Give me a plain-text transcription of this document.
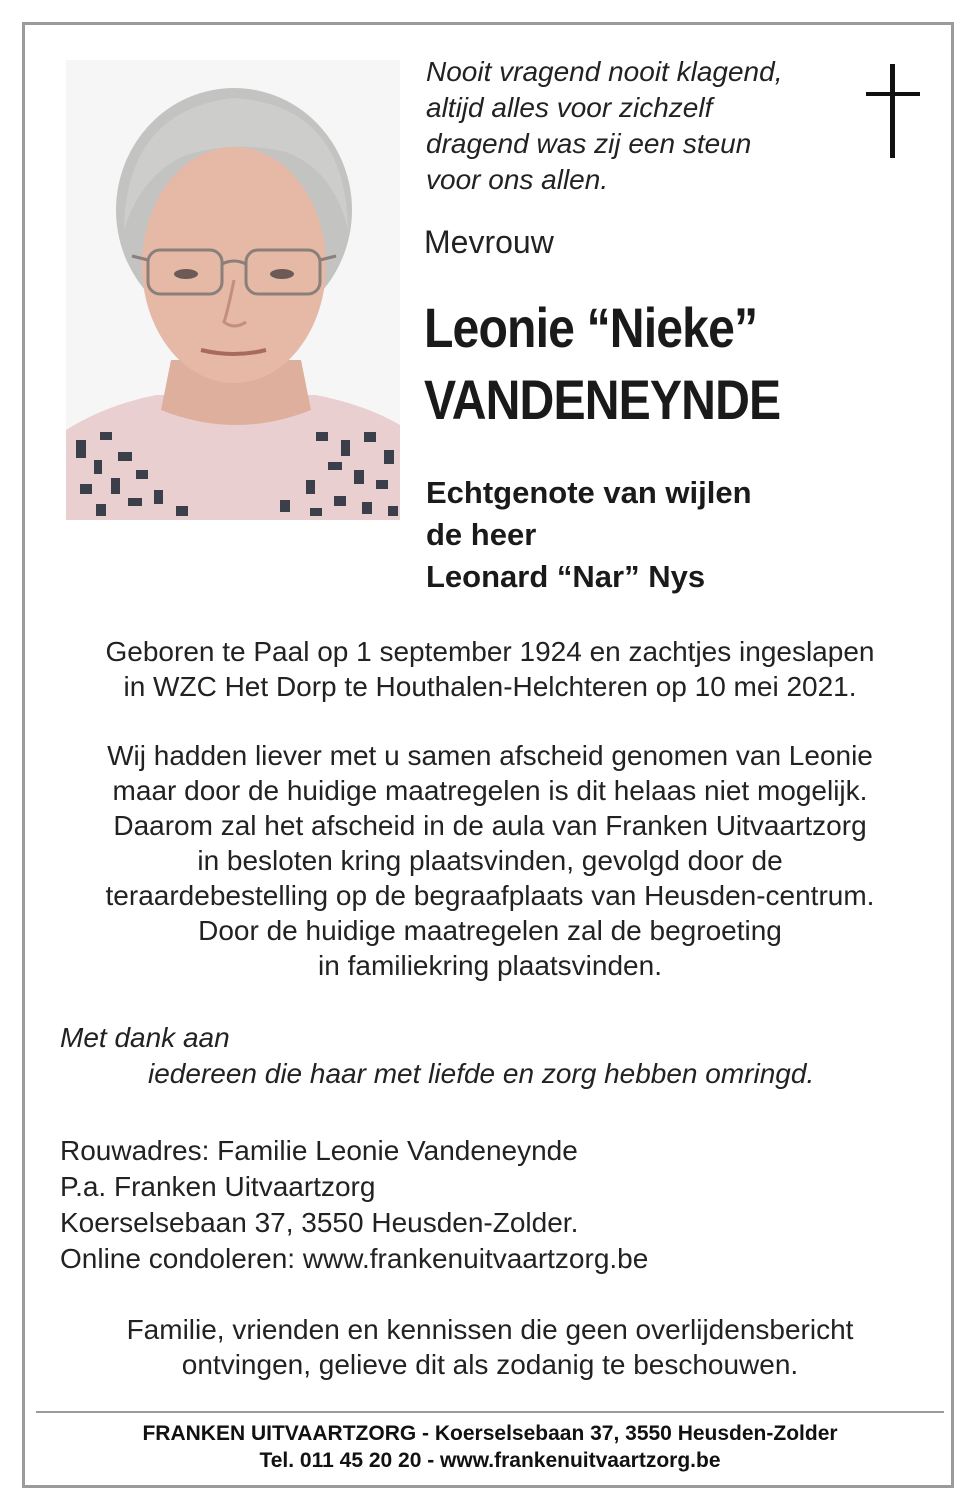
Nooit vragend nooit klagend,
altijd alles voor zichzelf
dragend was zij een steun
voor ons allen.

Mevrouw
Leonie “Nieke”
VANDENEYNDE
Echtgenote van wijlen
de heer
Leonard “Nar” Nys
Geboren te Paal op 1 september 1924 en zachtjes ingeslapen
in WZC Het Dorp te Houthalen-Helchteren op 10 mei 2021.
Wij hadden liever met u samen afscheid genomen van Leonie
maar door de huidige maatregelen is dit helaas niet mogelijk.
Daarom zal het afscheid in de aula van Franken Uitvaartzorg
in besloten kring plaatsvinden, gevolgd door de
teraardebestelling op de begraafplaats van Heusden-centrum.
Door de huidige maatregelen zal de begroeting
in familiekring plaatsvinden.
Met dank aan
iedereen die haar met liefde en zorg hebben omringd.
Rouwadres: Familie Leonie Vandeneynde
P.a. Franken Uitvaartzorg
Koerselsebaan 37, 3550 Heusden-Zolder.
Online condoleren: www.frankenuitvaartzorg.be
Familie, vrienden en kennissen die geen overlijdensbericht
ontvingen, gelieve dit als zodanig te beschouwen.
FRANKEN UITVAARTZORG - Koerselsebaan 37, 3550 Heusden-Zolder
Tel. 011 45 20 20 - www.frankenuitvaartzorg.be
